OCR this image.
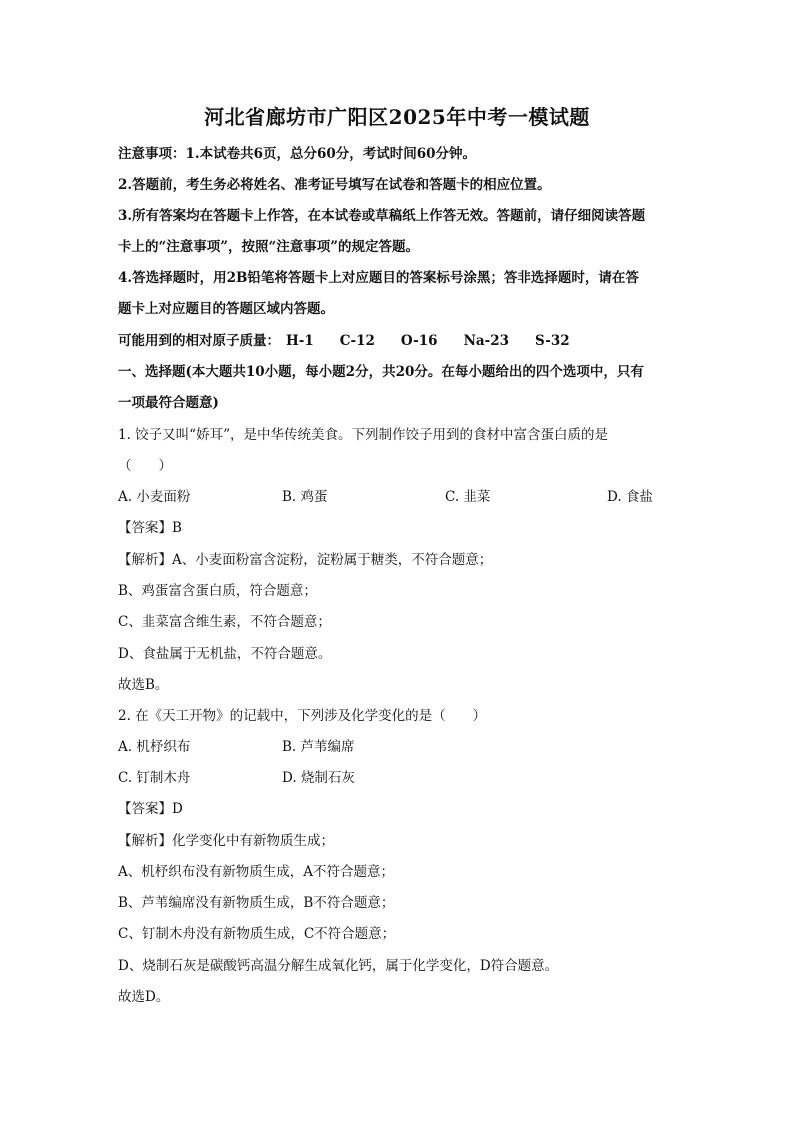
河北省廊坊市广阳区2025年中考一模试题
注意事项：1.本试卷共6页，总分60分，考试时间60分钟。
2.答题前，考生务必将姓名、准考证号填写在试卷和答题卡的相应位置。
3.所有答案均在答题卡上作答，在本试卷或草稿纸上作答无效。答题前，请仔细阅读答题
卡上的“注意事项”，按照“注意事项”的规定答题。
4.答选择题时，用2B铅笔将答题卡上对应题目的答案标号涂黑；答非选择题时，请在答
题卡上对应题目的答题区域内答题。
可能用到的相对原子质量： H-1 C-12 O-16 Na-23 S-32
一、选择题(本大题共10小题，每小题2分，共20分。在每小题给出的四个选项中，只有
一项最符合题意)
1. 饺子又叫“娇耳”，是中华传统美食。下列制作饺子用到的食材中富含蛋白质的是
（　　）
A. 小麦面粉	B. 鸡蛋	C. 韭菜	D. 食盐
【答案】B
【解析】A、小麦面粉富含淀粉，淀粉属于糖类，不符合题意；
B、鸡蛋富含蛋白质，符合题意；
C、韭菜富含维生素，不符合题意；
D、食盐属于无机盐，不符合题意。
故选B。
2. 在《天工开物》的记载中，下列涉及化学变化的是（　　）
A. 机杼织布	B. 芦苇编席
C. 钉制木舟	D. 烧制石灰
【答案】D
【解析】化学变化中有新物质生成；
A、机杼织布没有新物质生成，A不符合题意；
B、芦苇编席没有新物质生成，B不符合题意；
C、钉制木舟没有新物质生成，C不符合题意；
D、烧制石灰是碳酸钙高温分解生成氧化钙，属于化学变化，D符合题意。
故选D。
